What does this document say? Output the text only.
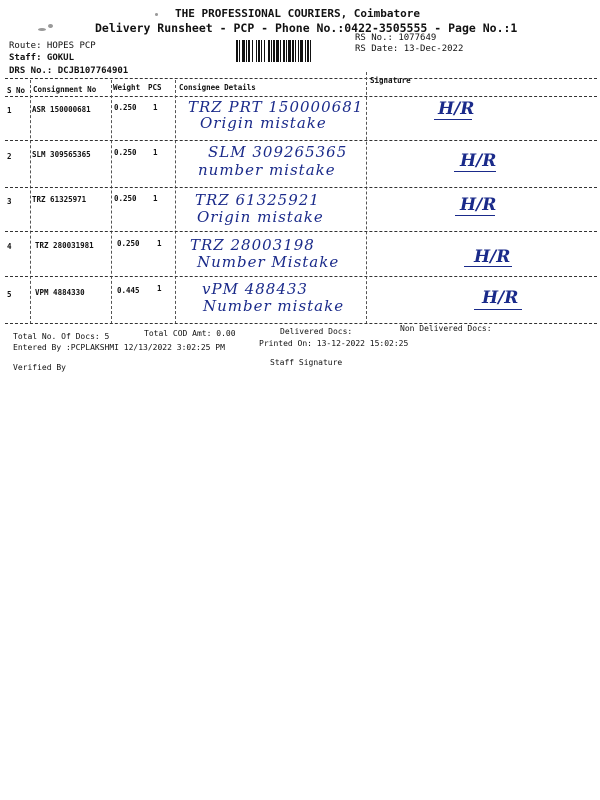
THE PROFESSIONAL COURIERS, Coimbatore
Delivery Runsheet - PCP - Phone No.:0422-3505555 - Page No.:1
Route: HOPES PCP
Staff: GOKUL
DRS No.: DCJB107764901
RS No.: 1077649
RS Date: 13-Dec-2022
S No Consignment No Weight PCS Consignee Details
Signature
1	ASR 150000681	0.250 1 TRZ PRT 150000681
Origin mistake
H/R
2	SLM 309565365	0.250 1	SLM 309265365
number mistake	H/R
3	TRZ 61325971	0.250 1 TRZ 61325921
Origin mistake
H/R
4	TRZ 280031981	0.250 1 TRZ 28003198
Number Mistake	H/R
5	VPM 4884330	0.445 1	vPM 488433
Number mistake	H/R
Total No. Of Docs: 5	Total COD Amt: 0.00	Delivered Docs:	Non Delivered Docs:
Entered By :PCPLAKSHMI 12/13/2022 3:02:25 PM	Printed On: 13-12-2022 15:02:25
Verified By
Staff Signature
